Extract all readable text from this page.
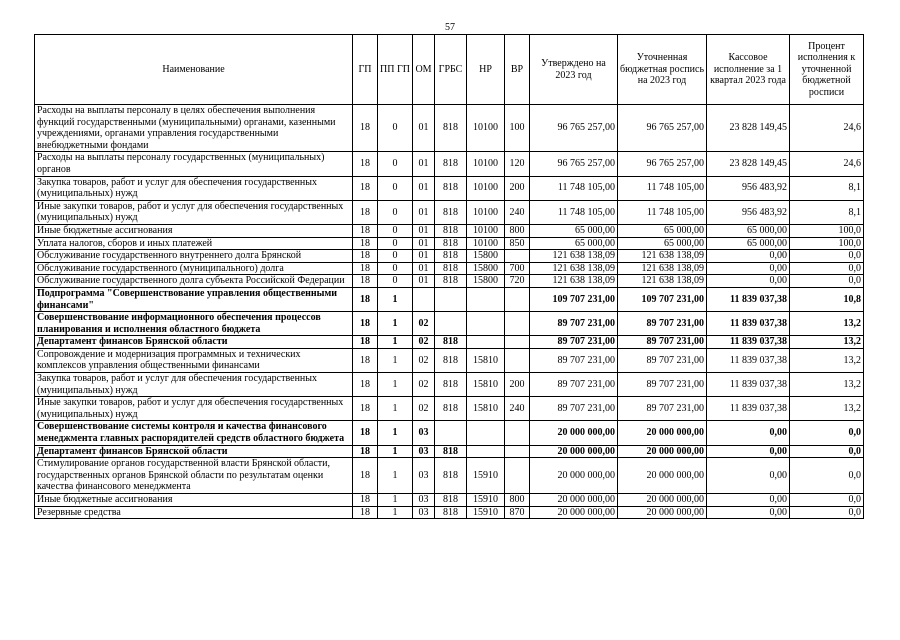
57
Наименование	ГП	ПП ГП	ОМ	ГРБС	НР	ВР	Утверждено на 2023 год	Уточненная бюджетная роспись на 2023 год	Кассовое исполнение за 1 квартал 2023 года	Процент исполнения к уточненной бюджетной росписи
Расходы на выплаты персоналу в целях обеспечения выполнения функций государственными (муниципальными) органами, казенными учреждениями, органами управления государственными внебюджетными фондами	18	0	01	818	10100	100	96 765 257,00	96 765 257,00	23 828 149,45	24,6
Расходы на выплаты персоналу государственных (муниципальных) органов	18	0	01	818	10100	120	96 765 257,00	96 765 257,00	23 828 149,45	24,6
Закупка товаров, работ и услуг для обеспечения государственных (муниципальных) нужд	18	0	01	818	10100	200	11 748 105,00	11 748 105,00	956 483,92	8,1
Иные закупки товаров, работ и услуг для обеспечения государственных (муниципальных) нужд	18	0	01	818	10100	240	11 748 105,00	11 748 105,00	956 483,92	8,1
Иные бюджетные ассигнования	18	0	01	818	10100	800	65 000,00	65 000,00	65 000,00	100,0
Уплата налогов, сборов и иных платежей	18	0	01	818	10100	850	65 000,00	65 000,00	65 000,00	100,0
Обслуживание государственного внутреннего долга Брянской	18	0	01	818	15800		121 638 138,09	121 638 138,09	0,00	0,0
Обслуживание государственного (муниципального) долга	18	0	01	818	15800	700	121 638 138,09	121 638 138,09	0,00	0,0
Обслуживание государственного долга субъекта Российской Федерации	18	0	01	818	15800	720	121 638 138,09	121 638 138,09	0,00	0,0
Подпрограмма "Совершенствование управления общественными финансами"	18	1					109 707 231,00	109 707 231,00	11 839 037,38	10,8
Совершенствование информационного обеспечения процессов планирования и исполнения областного бюджета	18	1	02				89 707 231,00	89 707 231,00	11 839 037,38	13,2
Департамент финансов Брянской области	18	1	02	818			89 707 231,00	89 707 231,00	11 839 037,38	13,2
Сопровождение и модернизация программных и технических комплексов управления общественными финансами	18	1	02	818	15810		89 707 231,00	89 707 231,00	11 839 037,38	13,2
Закупка товаров, работ и услуг для обеспечения государственных (муниципальных) нужд	18	1	02	818	15810	200	89 707 231,00	89 707 231,00	11 839 037,38	13,2
Иные закупки товаров, работ и услуг для обеспечения государственных (муниципальных) нужд	18	1	02	818	15810	240	89 707 231,00	89 707 231,00	11 839 037,38	13,2
Совершенствование системы контроля и качества финансового менеджмента главных распорядителей средств областного бюджета	18	1	03				20 000 000,00	20 000 000,00	0,00	0,0
Департамент финансов Брянской области	18	1	03	818			20 000 000,00	20 000 000,00	0,00	0,0
Стимулирование органов государственной власти Брянской области, государственных органов Брянской области по результатам оценки качества финансового менеджмента	18	1	03	818	15910		20 000 000,00	20 000 000,00	0,00	0,0
Иные бюджетные ассигнования	18	1	03	818	15910	800	20 000 000,00	20 000 000,00	0,00	0,0
Резервные средства	18	1	03	818	15910	870	20 000 000,00	20 000 000,00	0,00	0,0
